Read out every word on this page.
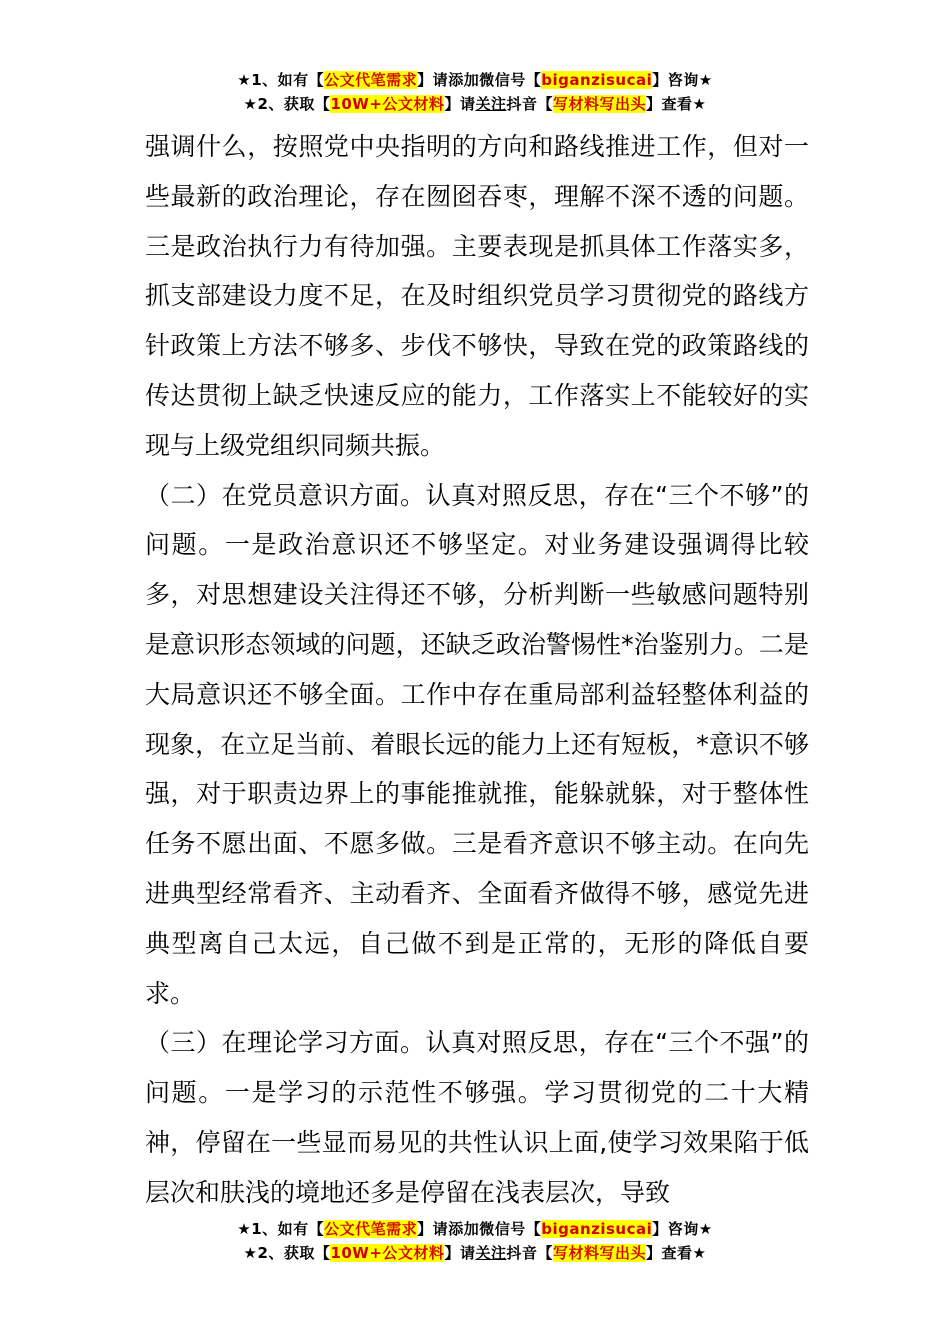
★1、如有【公文代笔需求】请添加微信号【biganzisucai】咨询★
★2、获取【10W+公文材料】请关注抖音【写材料写出头】查看★

强调什么，按照党中央指明的方向和路线推进工作，但对一些最新的政治理论，存在囫囵吞枣，理解不深不透的问题。三是政治执行力有待加强。主要表现是抓具体工作落实多，抓支部建设力度不足，在及时组织党员学习贯彻党的路线方针政策上方法不够多、步伐不够快，导致在党的政策路线的传达贯彻上缺乏快速反应的能力，工作落实上不能较好的实现与上级党组织同频共振。

（二）在党员意识方面。认真对照反思，存在“三个不够”的问题。一是政治意识还不够坚定。对业务建设强调得比较多，对思想建设关注得还不够，分析判断一些敏感问题特别是意识形态领域的问题，还缺乏政治警惕性*治鉴别力。二是大局意识还不够全面。工作中存在重局部利益轻整体利益的现象，在立足当前、着眼长远的能力上还有短板，*意识不够强，对于职责边界上的事能推就推，能躲就躲，对于整体性任务不愿出面、不愿多做。三是看齐意识不够主动。在向先进典型经常看齐、主动看齐、全面看齐做得不够，感觉先进典型离自己太远，自己做不到是正常的，无形的降低自要求。

（三）在理论学习方面。认真对照反思，存在“三个不强”的问题。一是学习的示范性不够强。学习贯彻党的二十大精神，停留在一些显而易见的共性认识上面,使学习效果陷于低层次和肤浅的境地还多是停留在浅表层次，导致

★1、如有【公文代笔需求】请添加微信号【biganzisucai】咨询★
★2、获取【10W+公文材料】请关注抖音【写材料写出头】查看★
